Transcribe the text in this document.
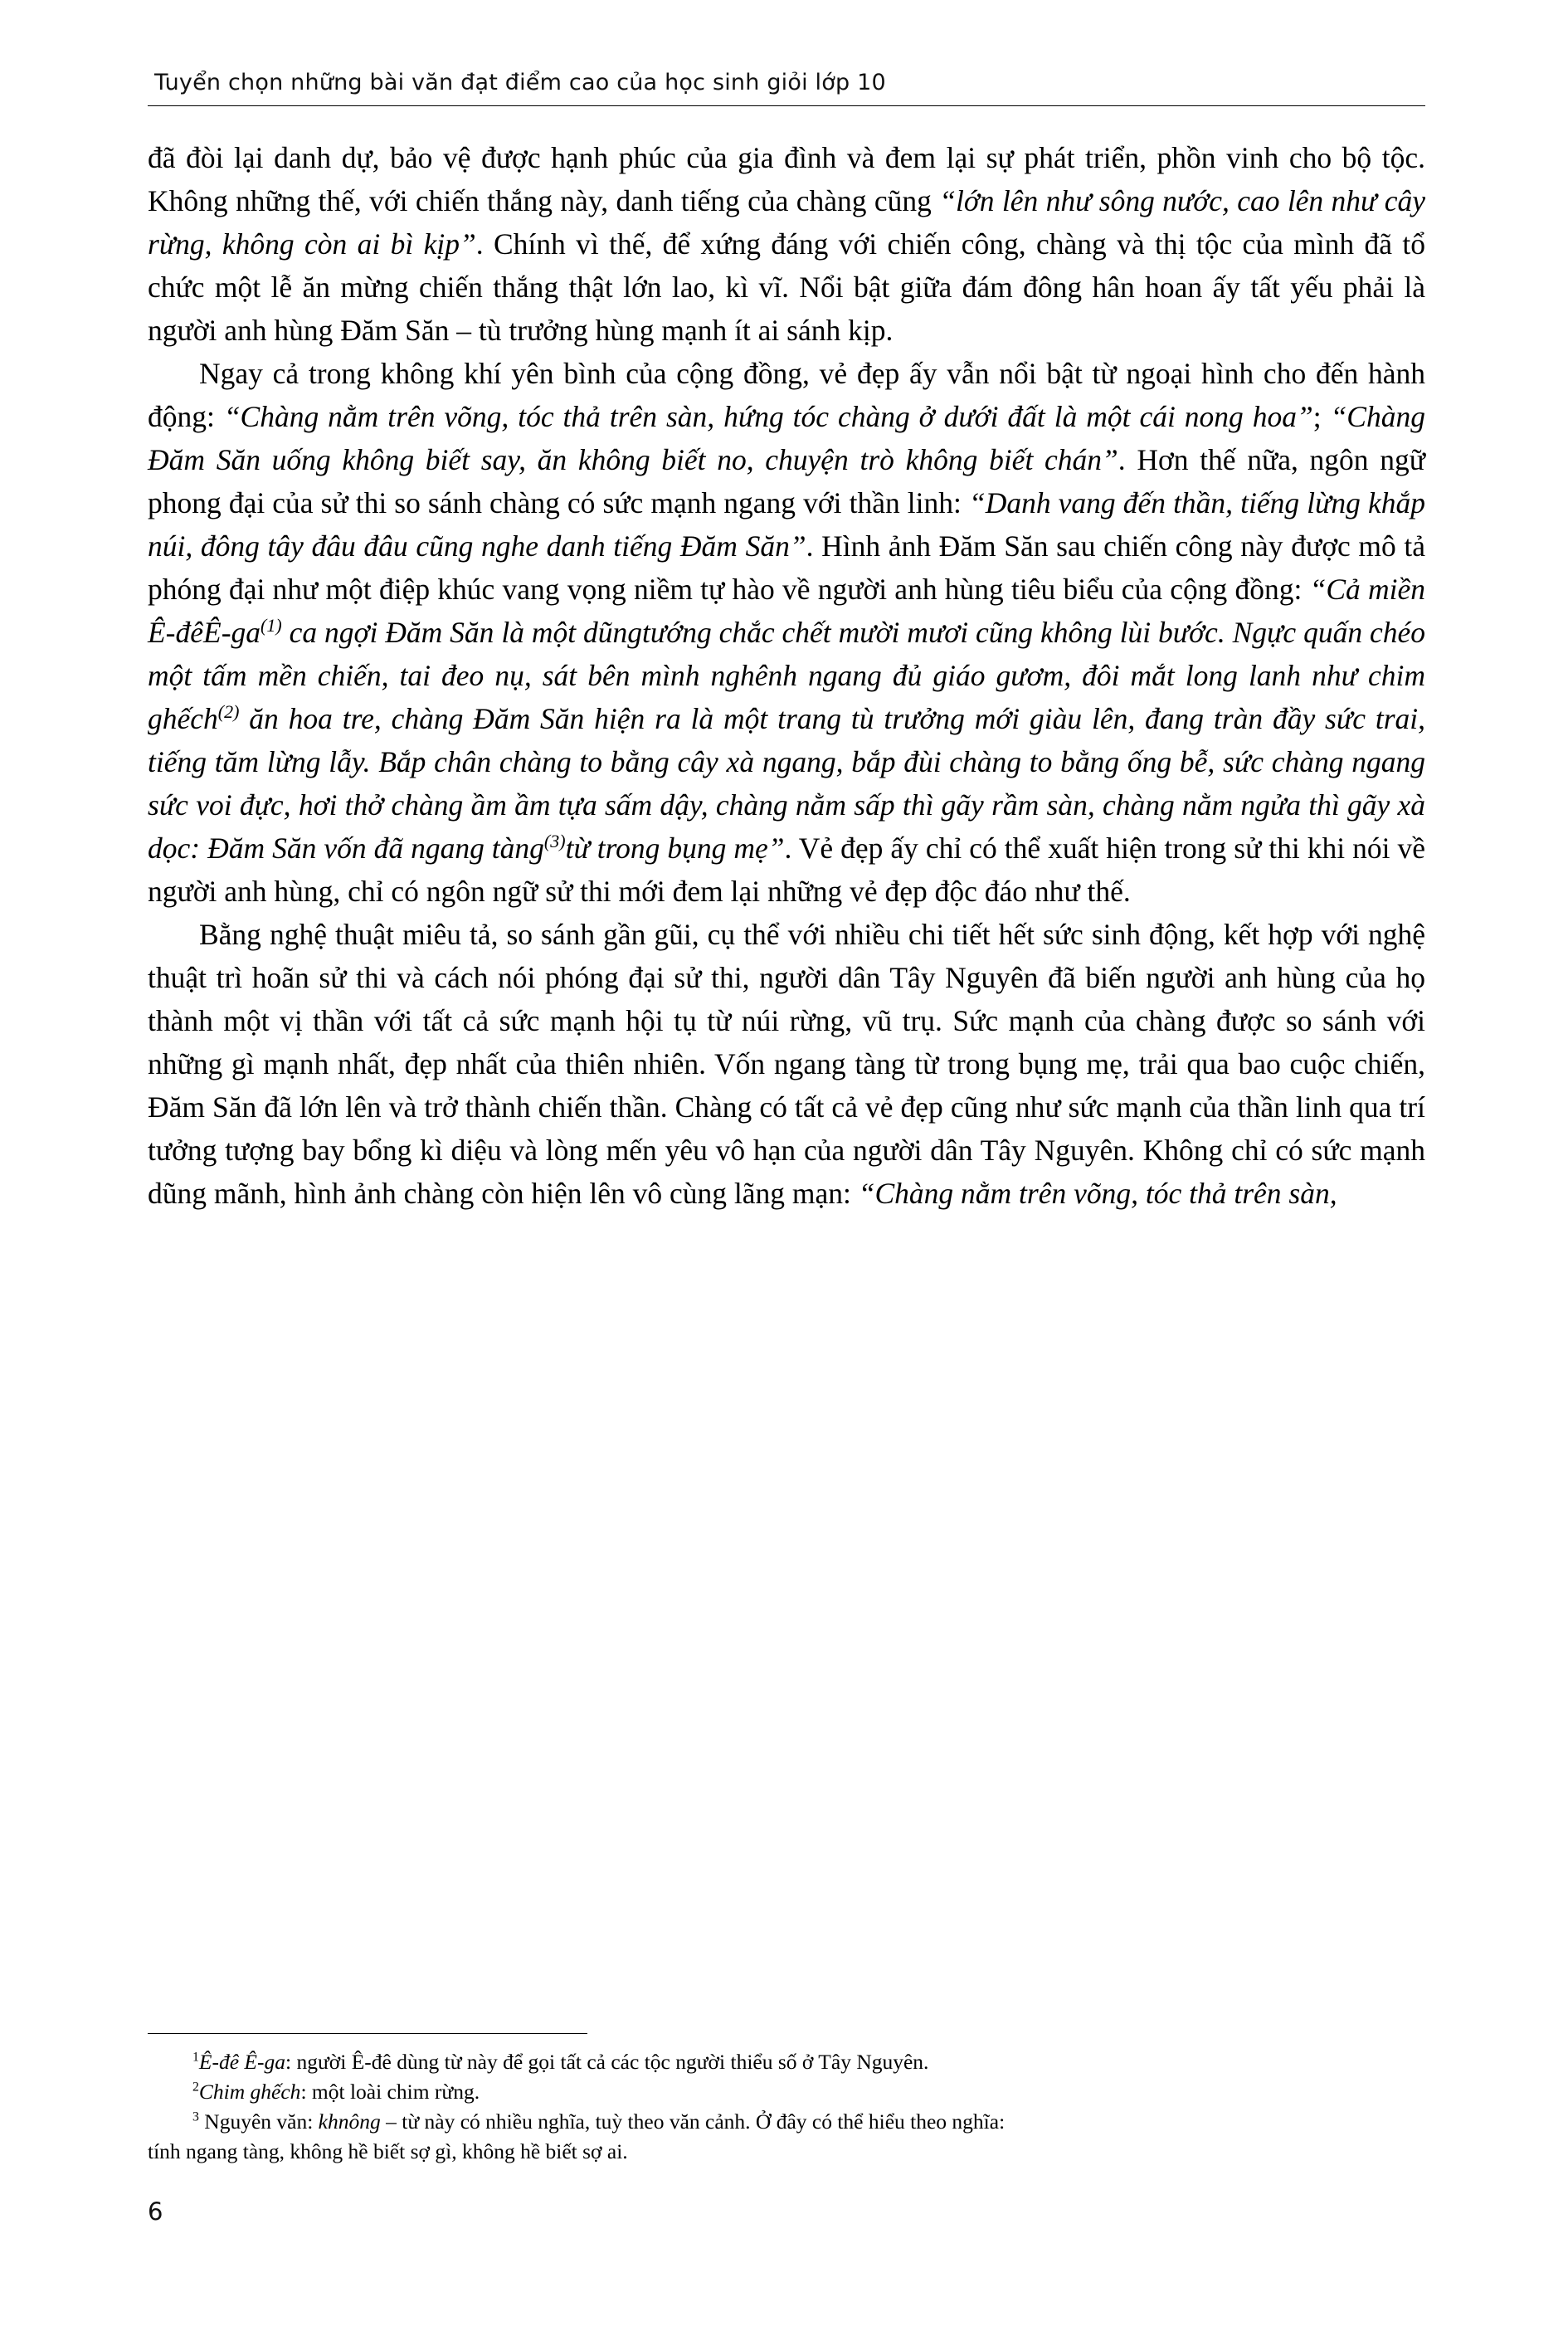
Tuyển chọn những bài văn đạt điểm cao của học sinh giỏi lớp 10

đã đòi lại danh dự, bảo vệ được hạnh phúc của gia đình và đem lại sự phát triển, phồn vinh cho bộ tộc. Không những thế, với chiến thắng này, danh tiếng của chàng cũng “lớn lên như sông nước, cao lên như cây rừng, không còn ai bì kịp”. Chính vì thế, để xứng đáng với chiến công, chàng và thị tộc của mình đã tổ chức một lễ ăn mừng chiến thắng thật lớn lao, kì vĩ. Nổi bật giữa đám đông hân hoan ấy tất yếu phải là người anh hùng Đăm Săn – tù trưởng hùng mạnh ít ai sánh kịp.

Ngay cả trong không khí yên bình của cộng đồng, vẻ đẹp ấy vẫn nổi bật từ ngoại hình cho đến hành động: “Chàng nằm trên võng, tóc thả trên sàn, hứng tóc chàng ở dưới đất là một cái nong hoa”; “Chàng Đăm Săn uống không biết say, ăn không biết no, chuyện trò không biết chán”. Hơn thế nữa, ngôn ngữ phong đại của sử thi so sánh chàng có sức mạnh ngang với thần linh: “Danh vang đến thần, tiếng lừng khắp núi, đông tây đâu đâu cũng nghe danh tiếng Đăm Săn”. Hình ảnh Đăm Săn sau chiến công này được mô tả phóng đại như một điệp khúc vang vọng niềm tự hào về người anh hùng tiêu biểu của cộng đồng: “Cả miền $Ê-đêÊ-ga^{(1)}$ ca ngợi Đăm Săn là một dũngtướng chắc chết mười mươi cũng không lùi bước. Ngực quấn chéo một tấm mền chiến, tai đeo nụ, sát bên mình nghênh ngang đủ giáo gươm, đôi mắt long lanh như chim ghếch$^{(2)}$ ăn hoa tre, chàng Đăm Săn hiện ra là một trang tù trưởng mới giàu lên, đang tràn đầy sức trai, tiếng tăm lừng lẫy. Bắp chân chàng to bằng cây xà ngang, bắp đùi chàng to bằng ống bễ, sức chàng ngang sức voi đực, hơi thở chàng ầm ầm tựa sấm dậy, chàng nằm sấp thì gãy rầm sàn, chàng nằm ngửa thì gãy xà dọc: Đăm Săn vốn đã ngang tàng$^{(3)}$từ trong bụng mẹ”. Vẻ đẹp ấy chỉ có thể xuất hiện trong sử thi khi nói về người anh hùng, chỉ có ngôn ngữ sử thi mới đem lại những vẻ đẹp độc đáo như thế.

Bằng nghệ thuật miêu tả, so sánh gần gũi, cụ thể với nhiều chi tiết hết sức sinh động, kết hợp với nghệ thuật trì hoãn sử thi và cách nói phóng đại sử thi, người dân Tây Nguyên đã biến người anh hùng của họ thành một vị thần với tất cả sức mạnh hội tụ từ núi rừng, vũ trụ. Sức mạnh của chàng được so sánh với những gì mạnh nhất, đẹp nhất của thiên nhiên. Vốn ngang tàng từ trong bụng mẹ, trải qua bao cuộc chiến, Đăm Săn đã lớn lên và trở thành chiến thần. Chàng có tất cả vẻ đẹp cũng như sức mạnh của thần linh qua trí tưởng tượng bay bổng kì diệu và lòng mến yêu vô hạn của người dân Tây Nguyên. Không chỉ có sức mạnh dũng mãnh, hình ảnh chàng còn hiện lên vô cùng lãng mạn: “Chàng nằm trên võng, tóc thả trên sàn,

$^1$Ê-đê Ê-ga: người Ê-đê dùng từ này để gọi tất cả các tộc người thiểu số ở Tây Nguyên.

$^2$Chim ghếch: một loài chim rừng.

$^3$ Nguyên văn: khnông – từ này có nhiều nghĩa, tuỳ theo văn cảnh. Ở đây có thể hiểu theo nghĩa:

tính ngang tàng, không hề biết sợ gì, không hề biết sợ ai.

6
